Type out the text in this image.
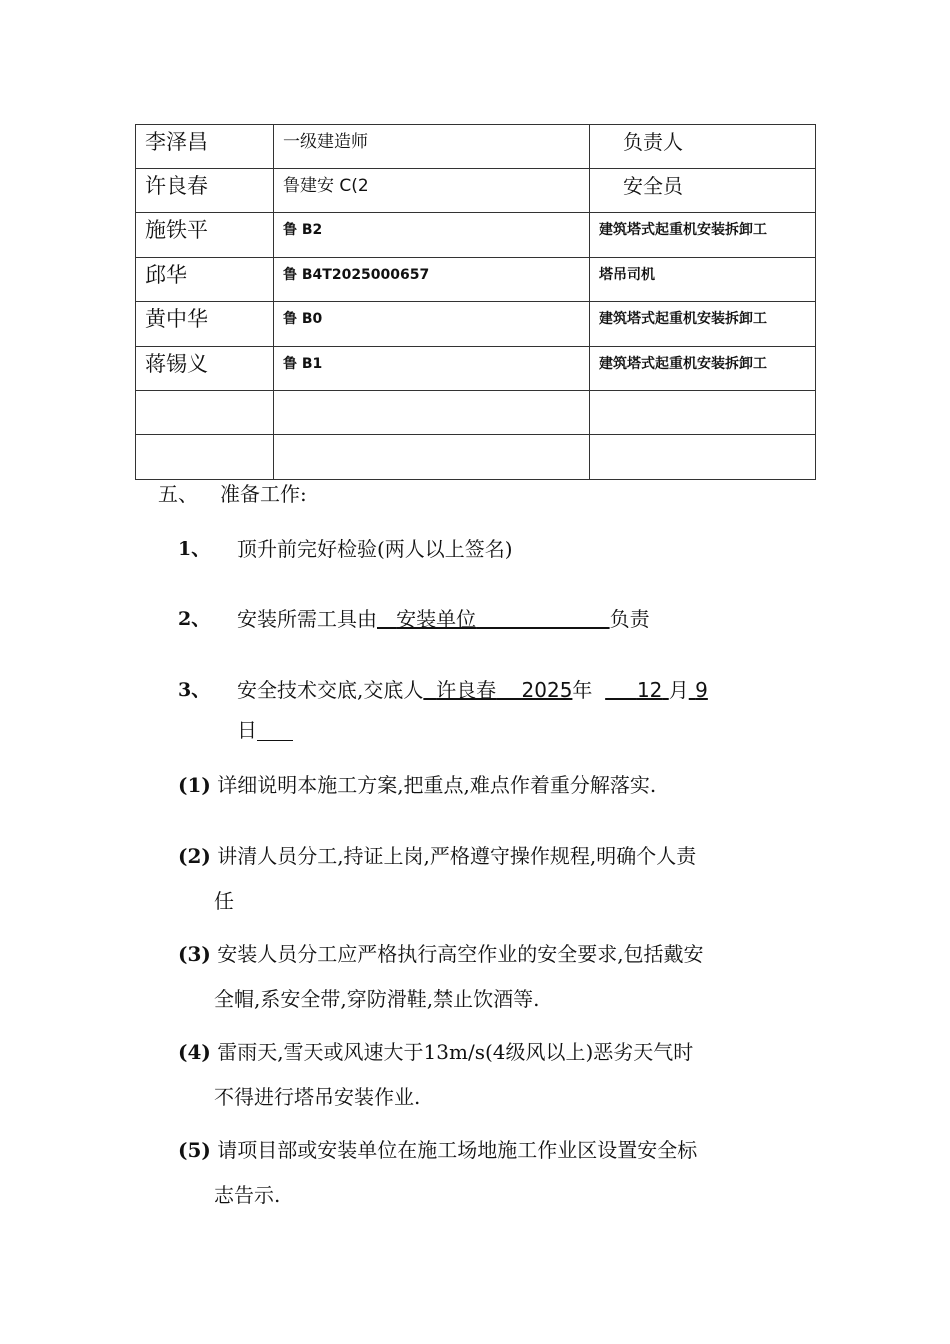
李泽昌	一级建造师	负责人

许良春	鲁建安 C(2	安全员

施铁平	鲁 B2	建筑塔式起重机安装拆卸工

邱华	鲁 B4T2025000657	塔吊司机

黄中华	鲁 B0	建筑塔式起重机安装拆卸工

蒋锡义	鲁 B1	建筑塔式起重机安装拆卸工

五、 准备工作:
1、 顶升前完好检验(两人以上签名)
2、 安装所需工具由 安装单位	负责
3、 安全技术交底,交底人 许良春 2025年 12 月 9
日
(1) 详细说明本施工方案,把重点,难点作着重分解落实.
(2) 讲清人员分工,持证上岗,严格遵守操作规程,明确个人责
任
(3) 安装人员分工应严格执行高空作业的安全要求,包括戴安
全帽,系安全带,穿防滑鞋,禁止饮酒等.
(4) 雷雨天,雪天或风速大于13m/s(4级风以上)恶劣天气时
不得进行塔吊安装作业.
(5) 请项目部或安装单位在施工场地施工作业区设置安全标
志告示.
